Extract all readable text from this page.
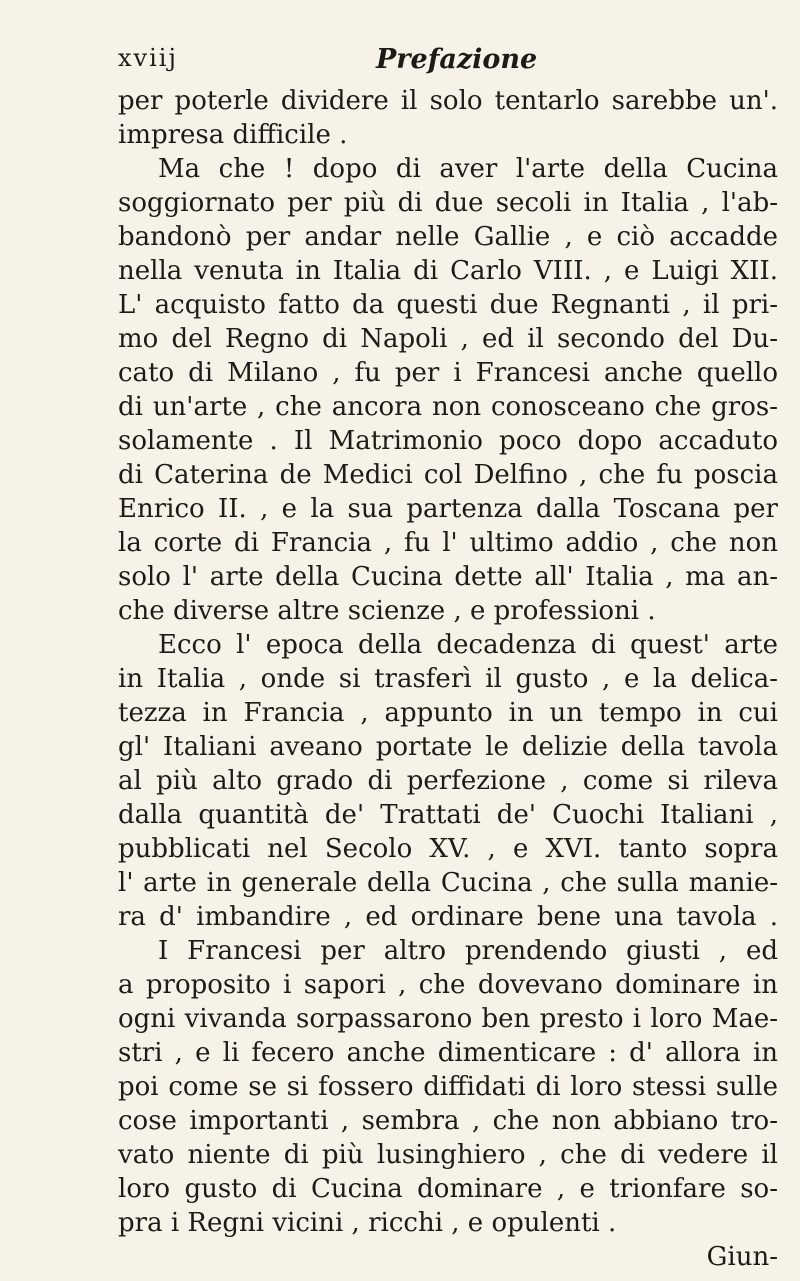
xviij	Prefazione
per poterle dividere il solo tentarlo sarebbe un'.
impresa difficile .
Ma che ! dopo di aver l'arte della Cucina
soggiornato per più di due secoli in Italia , l'ab-
bandonò per andar nelle Gallie , e ciò accadde
nella venuta in Italia di Carlo VIII. , e Luigi XII.
L' acquisto fatto da questi due Regnanti , il pri-
mo del Regno di Napoli , ed il secondo del Du-
cato di Milano , fu per i Francesi anche quello
di un'arte , che ancora non conosceano che gros-
solamente . Il Matrimonio poco dopo accaduto
di Caterina de Medici col Delfino , che fu poscia
Enrico II. , e la sua partenza dalla Toscana per
la corte di Francia , fu l' ultimo addio , che non
solo l' arte della Cucina dette all' Italia , ma an-
che diverse altre scienze , e professioni .
Ecco l' epoca della decadenza di quest' arte
in Italia , onde si trasferì il gusto , e la delica-
tezza in Francia , appunto in un tempo in cui
gl' Italiani aveano portate le delizie della tavola
al più alto grado di perfezione , come si rileva
dalla quantità de' Trattati de' Cuochi Italiani ,
pubblicati nel Secolo XV. , e XVI. tanto sopra
l' arte in generale della Cucina , che sulla manie-
ra d' imbandire , ed ordinare bene una tavola .
I Francesi per altro prendendo giusti , ed
a proposito i sapori , che dovevano dominare in
ogni vivanda sorpassarono ben presto i loro Mae-
stri , e li fecero anche dimenticare : d' allora in
poi come se si fossero diffidati di loro stessi sulle
cose importanti , sembra , che non abbiano tro-
vato niente di più lusinghiero , che di vedere il
loro gusto di Cucina dominare , e trionfare so-
pra i Regni vicini , ricchi , e opulenti .
Giun-
